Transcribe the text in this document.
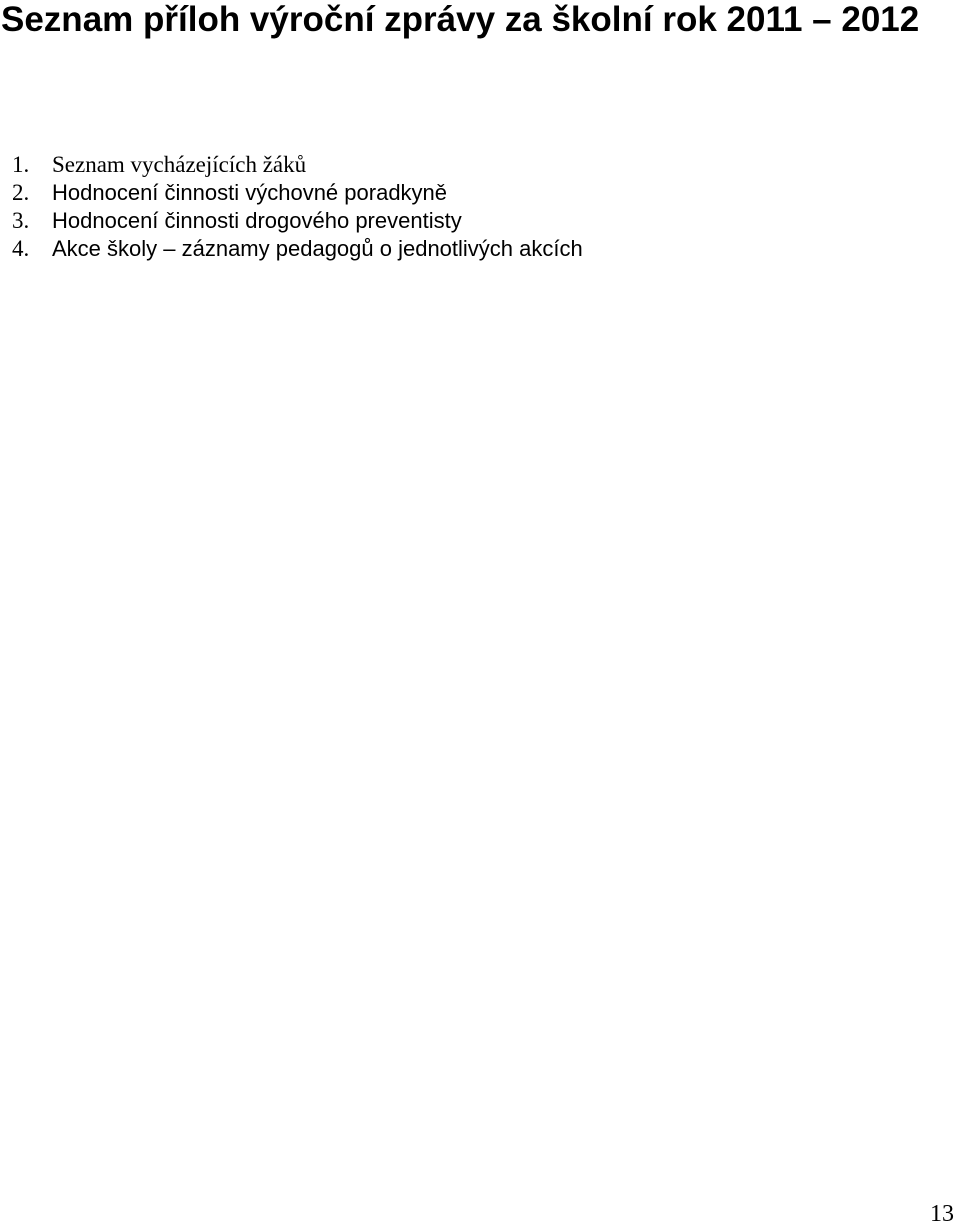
Seznam příloh výroční zprávy za školní rok 2011 – 2012
1. Seznam vycházejících žáků
2.	Hodnocení činnosti výchovné poradkyně
3.	Hodnocení činnosti drogového preventisty
4.	Akce školy – záznamy pedagogů o jednotlivých akcích
13
